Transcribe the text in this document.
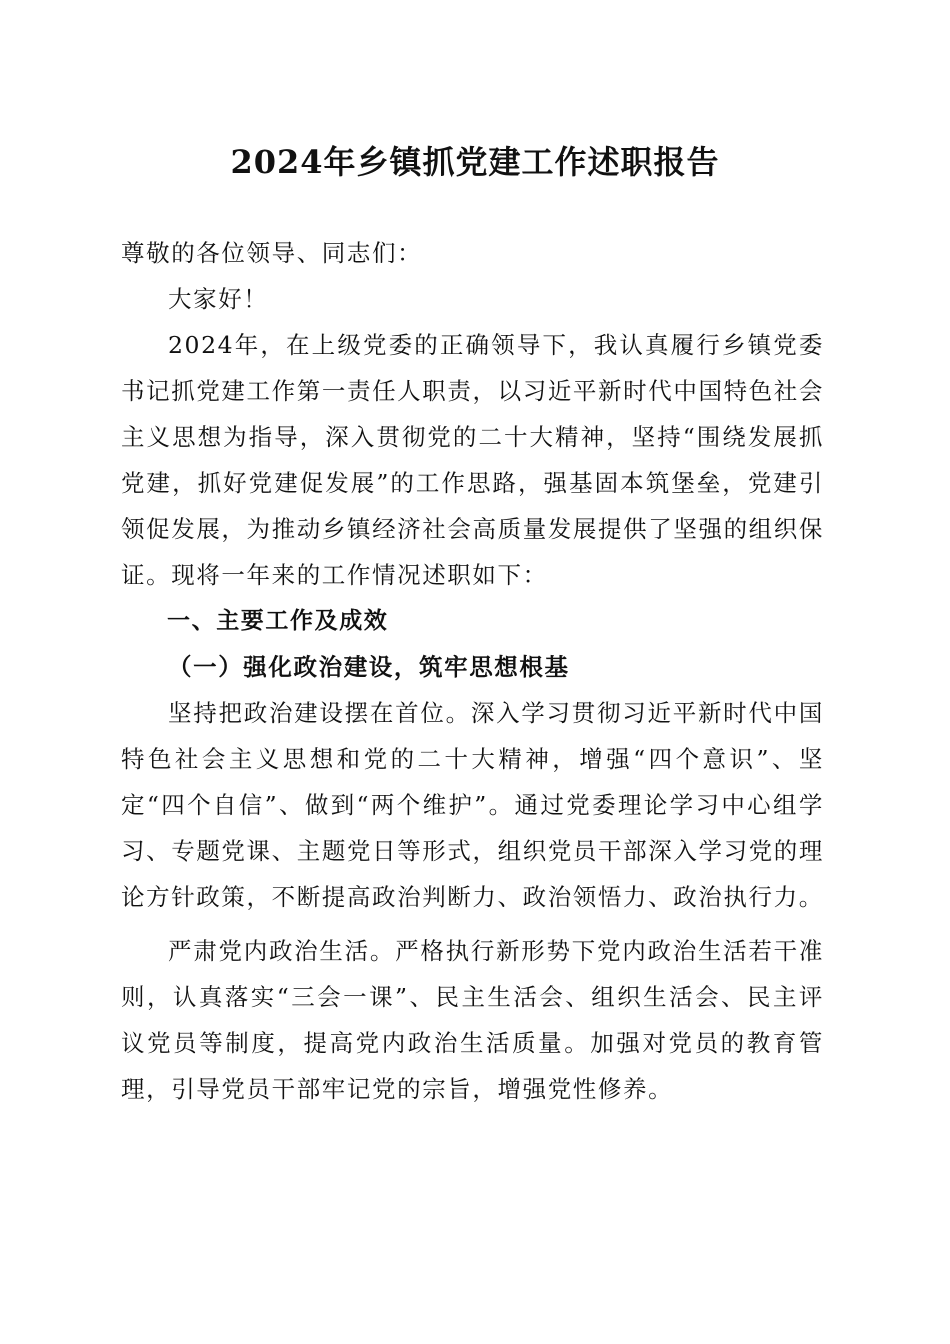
2024年乡镇抓党建工作述职报告

尊敬的各位领导、同志们：

大家好！

2024年，在上级党委的正确领导下，我认真履行乡镇党委书记抓党建工作第一责任人职责，以习近平新时代中国特色社会主义思想为指导，深入贯彻党的二十大精神，坚持“围绕发展抓党建，抓好党建促发展”的工作思路，强基固本筑堡垒，党建引领促发展，为推动乡镇经济社会高质量发展提供了坚强的组织保证。现将一年来的工作情况述职如下：

一、主要工作及成效

（一）强化政治建设，筑牢思想根基

坚持把政治建设摆在首位。深入学习贯彻习近平新时代中国特色社会主义思想和党的二十大精神，增强“四个意识”、坚定“四个自信”、做到“两个维护”。通过党委理论学习中心组学习、专题党课、主题党日等形式，组织党员干部深入学习党的理论方针政策，不断提高政治判断力、政治领悟力、政治执行力。

严肃党内政治生活。严格执行新形势下党内政治生活若干准则，认真落实“三会一课”、民主生活会、组织生活会、民主评议党员等制度，提高党内政治生活质量。加强对党员的教育管理，引导党员干部牢记党的宗旨，增强党性修养。
